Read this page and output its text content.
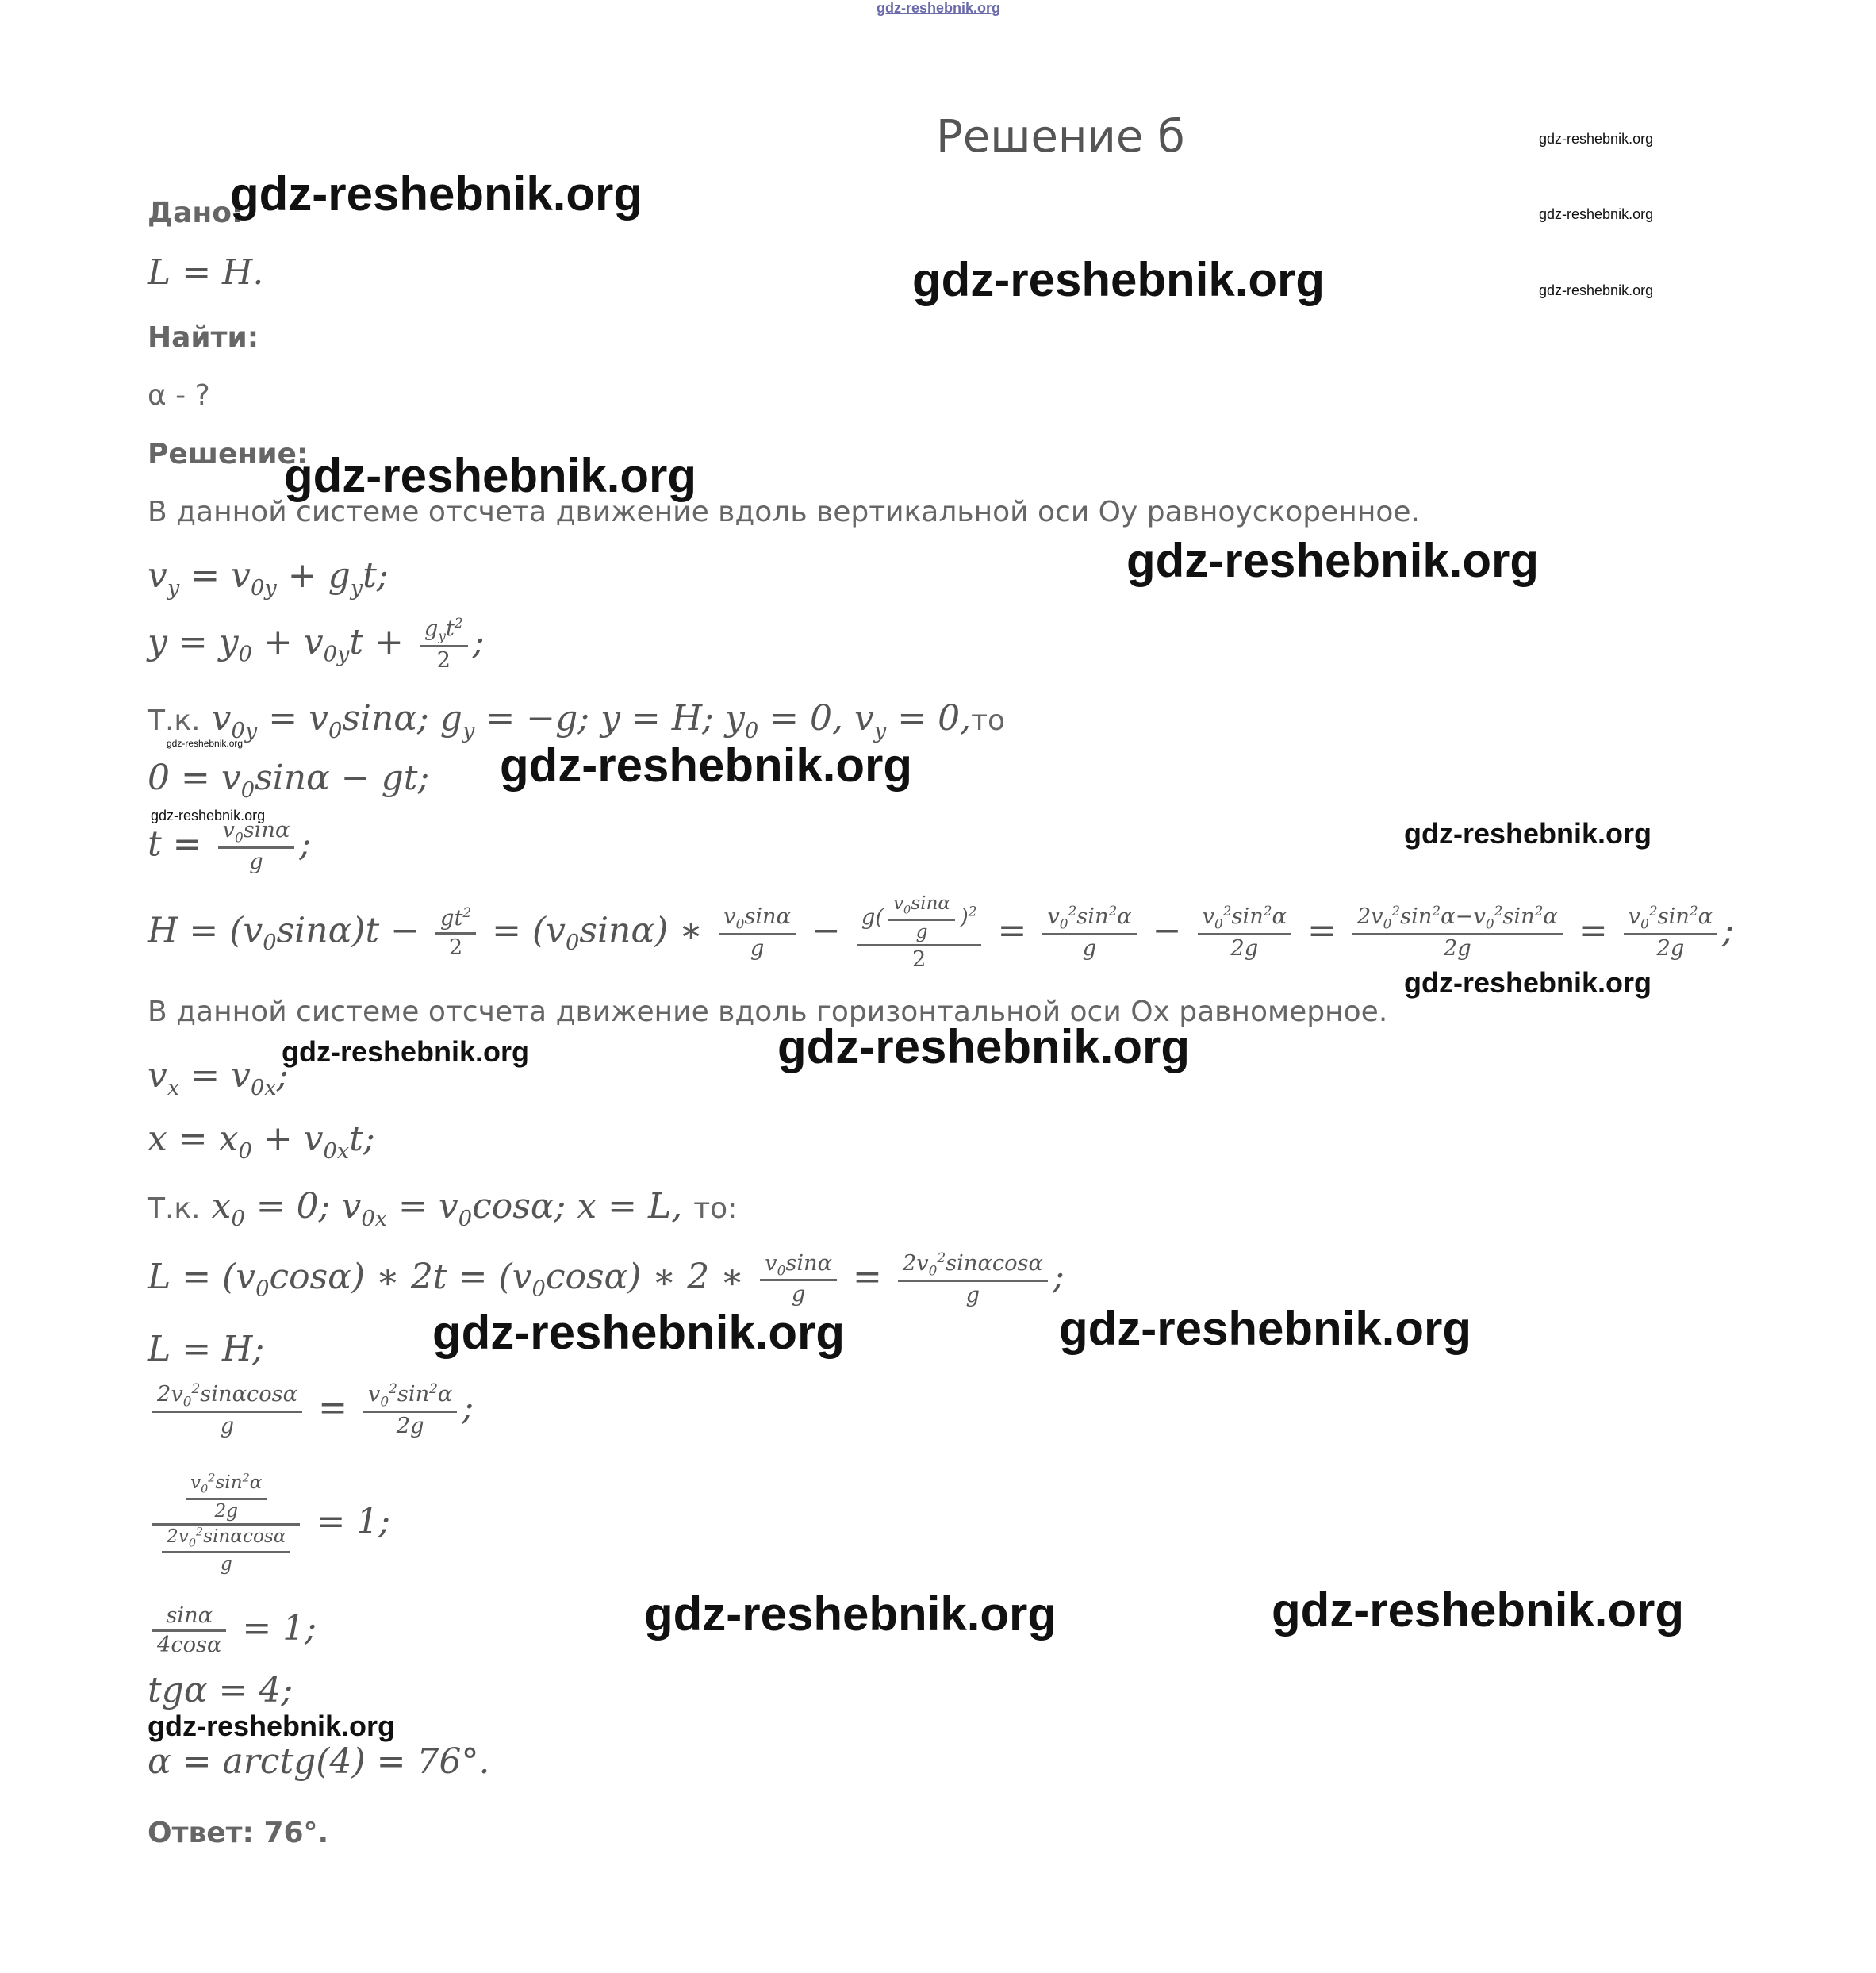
gdz-reshebnik.org
Решение б
Дано:
L = H.
Найти:
α - ?
Решение:
В данной системе отсчета движение вдоль вертикальной оси Oy равноускоренное.
$v_y = v_{0y} + g_yt$;
$y = y_0 + v_{0y}t + \frac{g_yt^2}{2}$ ;
Т.к. $v_{0y} = v_0\sin\alpha$; $g_y = -g$; y = H; $y_0 = 0$, $v_y = 0,то$
$0 = v_0\sin\alpha$ − gt;
$t = \frac{v_0\sin\alpha}{g}$ ;
$H = (v_0\sin\alpha)t - \frac{gt^2}{2} = (v_0\sin\alpha)$ ∗ $\frac{v_0\sin\alpha}{g} - \frac{g( \frac{v_0\sin\alpha}{g} )^2}{2} = \frac{v_0^2\sin^2\alpha}{g} - \frac{v_0^2\sin^2\alpha}{2g} = \frac{2v_0^2\sin^2\alpha-v_0^2\sin^2\alpha}{2g} = \frac{v_0^2\sin^2\alpha}{2g}$ ;
В данной системе отсчета движение вдоль горизонтальной оси Ox равномерное.
$v_x = v_{0x}$;
$x = x_0 + v_{0x}t$;
Т.к. $x_0 = 0$; $v_{0x} = v_0\cos\alpha$; x = L, то:
$L = (v_0\cos\alpha)$ ∗ $2t = (v_0\cos\alpha)$ ∗ 2 ∗ $\frac{v_0\sin\alpha}{g} = \frac{2v_0^2\sin\alpha\cos\alpha}{g}$ ;
L = H;
$\frac{2v_0^2\sin\alpha\cos\alpha}{g} = \frac{v_0^2\sin^2\alpha}{2g}$ ;
$\frac{\frac{v_0^2\sin^2\alpha}{2g}}{\frac{2v_0^2\sin\alpha\cos\alpha}{g}} = 1$;
$\frac{\sin\alpha}{4\cos\alpha} = 1$;
tgα = 4;
α = arctg(4) = 76°.
Ответ: 76°.
gdz-reshebnik.org
gdz-reshebnik.org
gdz-reshebnik.org
gdz-reshebnik.org
gdz-reshebnik.org
gdz-reshebnik.org
gdz-reshebnik.org
gdz-reshebnik.org	gdz-reshebnik.org
gdz-reshebnik.org
gdz-reshebnik.org
gdz-reshebnik.org
gdz-reshebnik.org	gdz-reshebnik.org
gdz-reshebnik.org	gdz-reshebnik.org
gdz-reshebnik.org	gdz-reshebnik.org
gdz-reshebnik.org
